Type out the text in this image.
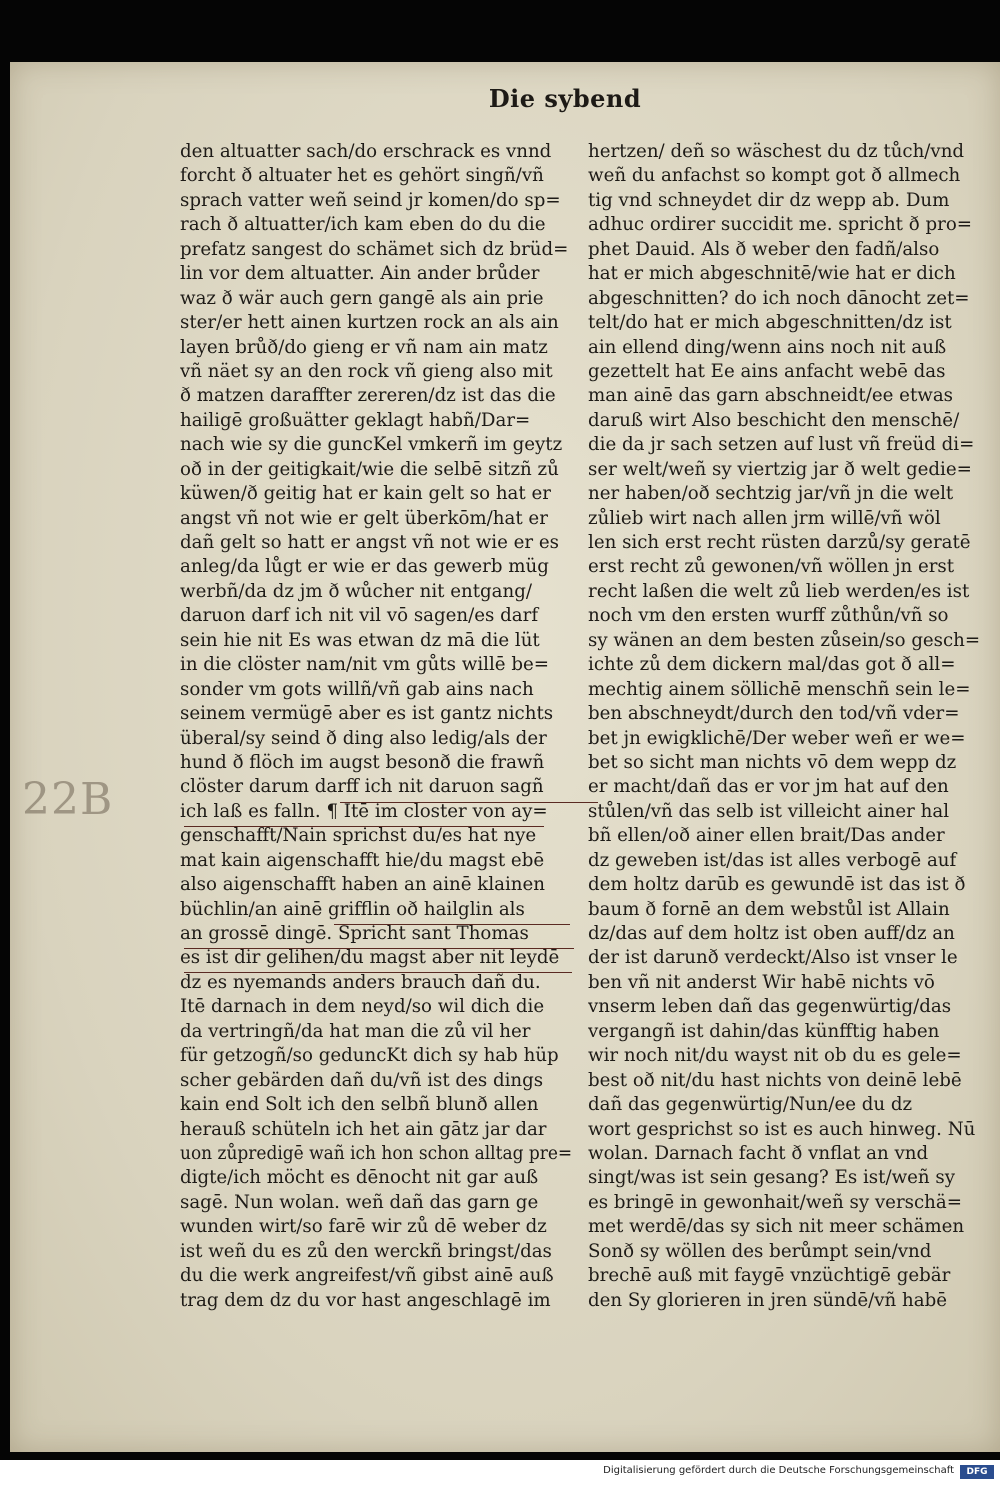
Die sybend
22B
den altuatter sach/do erschrack es vnnd
forcht ð altuater het es gehört singñ/vñ
sprach vatter weñ seind jr komen/do sp=
rach ð altuatter/ich kam eben do du die
prefatz sangest do schämet sich dz brüd=
lin vor dem altuatter. Ain ander brůder
waz ð wär auch gern gangē als ain prie
ster/er hett ainen kurtzen rock an als ain
layen brůð/do gieng er vñ nam ain matz
vñ näet sy an den rock vñ gieng also mit
ð matzen daraffter zereren/dz ist das die
hailigē großuätter geklagt habñ/Dar=
nach wie sy die guncKel vmkerñ im geytz
oð in der geitigkait/wie die selbē sitzñ zů
küwen/ð geitig hat er kain gelt so hat er
angst vñ not wie er gelt überkōm/hat er
dañ gelt so hatt er angst vñ not wie er es
anleg/da lůgt er wie er das gewerb müg
werbñ/da dz jm ð wůcher nit entgang/
daruon darf ich nit vil vō sagen/es darf
sein hie nit Es was etwan dz mā die lüt
in die clöster nam/nit vm gůts willē be=
sonder vm gots willñ/vñ gab ains nach
seinem vermügē aber es ist gantz nichts
überal/sy seind ð ding also ledig/als der
hund ð flöch im augst besonð die frawñ
clöster darum darff ich nit daruon sagñ
ich laß es falln. ¶ Itē im closter von ay=
genschafft/Nain sprichst du/es hat nye
mat kain aigenschafft hie/du magst ebē
also aigenschafft haben an ainē klainen
büchlin/an ainē grifflin oð hailglin als
an grossē dingē. Spricht sant Thomas
es ist dir gelihen/du magst aber nit leydē
dz es nyemands anders brauch dañ du.
Itē darnach in dem neyd/so wil dich die
da vertringñ/da hat man die zů vil her
für getzogñ/so geduncKt dich sy hab hüp
scher gebärden dañ du/vñ ist des dings
kain end Solt ich den selbñ blunð allen
herauß schüteln ich het ain gātz jar dar
uon zůpredigē wañ ich hon schon alltag pre=
digte/ich möcht es dēnocht nit gar auß
sagē. Nun wolan. weñ dañ das garn ge
wunden wirt/so farē wir zů dē weber dz
ist weñ du es zů den werckñ bringst/das
du die werk angreifest/vñ gibst ainē auß
trag dem dz du vor hast angeschlagē im
hertzen/ deñ so wäschest du dz tůch/vnd
weñ du anfachst so kompt got ð allmech
tig vnd schneydet dir dz wepp ab. Dum
adhuc ordirer succidit me. spricht ð pro=
phet Dauid. Als ð weber den fadñ/also
hat er mich abgeschnitē/wie hat er dich
abgeschnitten? do ich noch dānocht zet=
telt/do hat er mich abgeschnitten/dz ist
ain ellend ding/wenn ains noch nit auß
gezettelt hat Ee ains anfacht webē das
man ainē das garn abschneidt/ee etwas
daruß wirt Also beschicht den menschē/
die da jr sach setzen auf lust vñ freüd di=
ser welt/weñ sy viertzig jar ð welt gedie=
ner haben/oð sechtzig jar/vñ jn die welt
zůlieb wirt nach allen jrm willē/vñ wöl
len sich erst recht rüsten darzů/sy geratē
erst recht zů gewonen/vñ wöllen jn erst
recht laßen die welt zů lieb werden/es ist
noch vm den ersten wurff zůthůn/vñ so
sy wänen an dem besten zůsein/so gesch=
ichte zů dem dickern mal/das got ð all=
mechtig ainem söllichē menschñ sein le=
ben abschneydt/durch den tod/vñ vder=
bet jn ewigklichē/Der weber weñ er we=
bet so sicht man nichts vō dem wepp dz
er macht/dañ das er vor jm hat auf den
stůlen/vñ das selb ist villeicht ainer hal
bñ ellen/oð ainer ellen brait/Das ander
dz geweben ist/das ist alles verbogē auf
dem holtz darūb es gewundē ist das ist ð
baum ð fornē an dem webstůl ist Allain
dz/das auf dem holtz ist oben auff/dz an
der ist darunð verdeckt/Also ist vnser le
ben vñ nit anderst Wir habē nichts vō
vnserm leben dañ das gegenwürtig/das
vergangñ ist dahin/das künfftig haben
wir noch nit/du wayst nit ob du es gele=
best oð nit/du hast nichts von deinē lebē
dañ das gegenwürtig/Nun/ee du dz
wort gesprichst so ist es auch hinweg. Nū
wolan. Darnach facht ð vnflat an vnd
singt/was ist sein gesang? Es ist/weñ sy
es bringē in gewonhait/weñ sy verschä=
met werdē/das sy sich nit meer schämen
Sonð sy wöllen des berůmpt sein/vnd
brechē auß mit faygē vnzüchtigē gebär
den Sy glorieren in jren sündē/vñ habē
Digitalisierung gefördert durch die Deutsche Forschungsgemeinschaft	DFG
